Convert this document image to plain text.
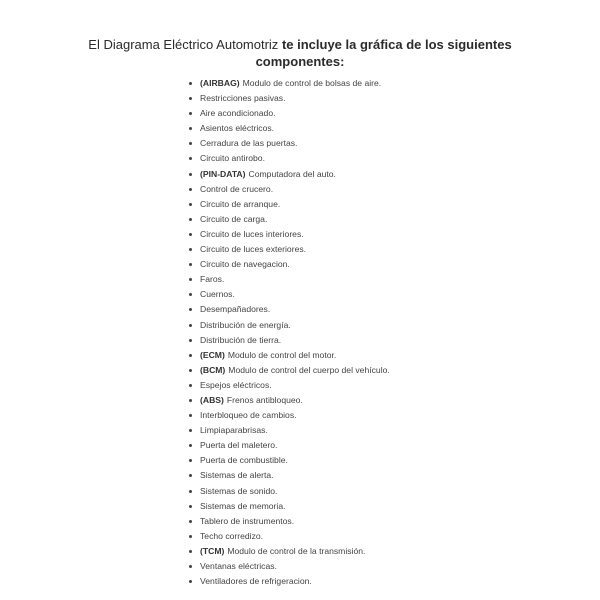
El Diagrama Eléctrico Automotriz te incluye la gráfica de los siguientes
componentes:
(AIRBAG) Modulo de control de bolsas de aire.
Restricciones pasivas.
Aire acondicionado.
Asientos eléctricos.
Cerradura de las puertas.
Circuito antirobo.
(PIN-DATA) Computadora del auto.
Control de crucero.
Circuito de arranque.
Circuito de carga.
Circuito de luces interiores.
Circuito de luces exteriores.
Circuito de navegacion.
Faros.
Cuernos.
Desempañadores.
Distribución de energía.
Distribución de tierra.
(ECM) Modulo de control del motor.
(BCM) Modulo de control del cuerpo del vehículo.
Espejos eléctricos.
(ABS) Frenos antibloqueo.
Interbloqueo de cambios.
Limpiaparabrisas.
Puerta del maletero.
Puerta de combustible.
Sistemas de alerta.
Sistemas de sonido.
Sistemas de memoria.
Tablero de instrumentos.
Techo corredizo.
(TCM) Modulo de control de la transmisión.
Ventanas eléctricas.
Ventiladores de refrigeracion.
